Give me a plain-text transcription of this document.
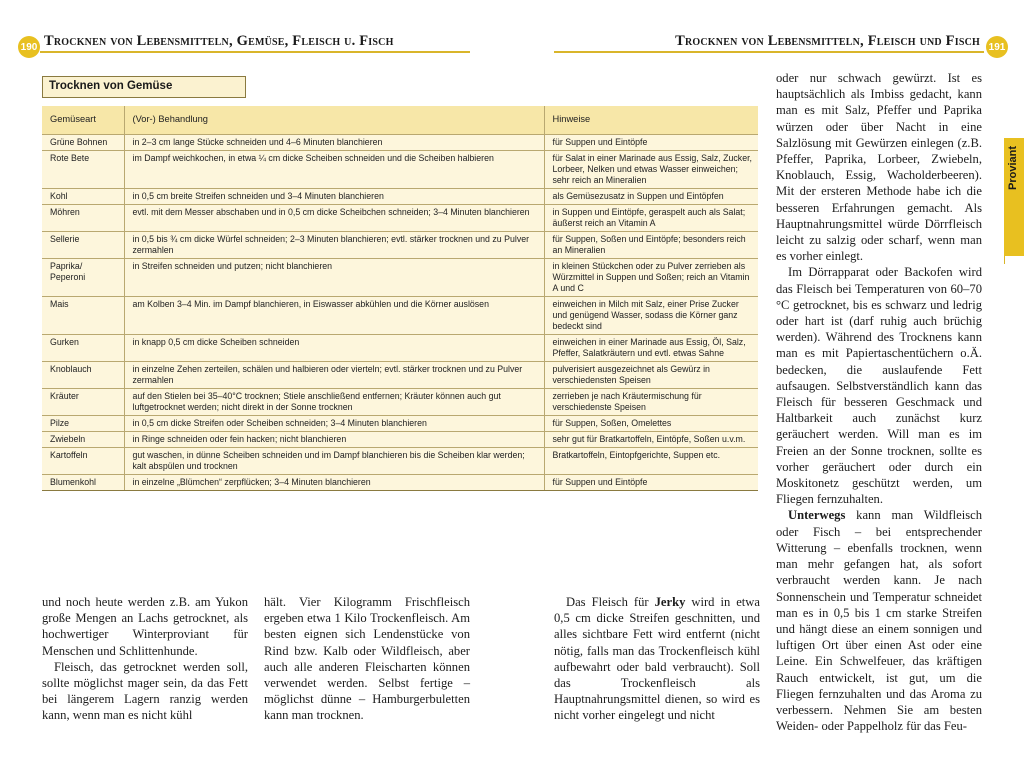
190 Trocknen von Lebensmitteln, Gemüse, Fleisch u. Fisch	Trocknen von Lebensmitteln, Fleisch und Fisch 191
Proviant
Trocknen von Gemüse
Gemüseart	(Vor-) Behandlung	Hinweise
Grüne Bohnen	in 2–3 cm lange Stücke schneiden und 4–6 Minuten blanchieren	für Suppen und Eintöpfe
Rote Bete	im Dampf weichkochen, in etwa ¼ cm dicke Scheiben schneiden und die Scheiben halbieren	für Salat in einer Marinade aus Essig, Salz, Zucker, Lorbeer, Nelken und etwas Wasser einweichen; sehr reich an Mineralien
Kohl	in 0,5 cm breite Streifen schneiden und 3–4 Minuten blanchieren	als Gemüsezusatz in Suppen und Eintöpfen
Möhren	evtl. mit dem Messer abschaben und in 0,5 cm dicke Scheibchen schneiden; 3–4 Minuten blanchieren	in Suppen und Eintöpfe, geraspelt auch als Salat; äußerst reich an Vitamin A
Sellerie	in 0,5 bis ¾ cm dicke Würfel schneiden; 2–3 Minuten blanchieren; evtl. stärker trocknen und zu Pulver zermahlen	für Suppen, Soßen und Eintöpfe; besonders reich an Mineralien
Paprika/ Peperoni	in Streifen schneiden und putzen; nicht blanchieren	in kleinen Stückchen oder zu Pulver zerrieben als Würzmittel in Suppen und Soßen; reich an Vitamin A und C
Mais	am Kolben 3–4 Min. im Dampf blanchieren, in Eiswasser abkühlen und die Körner auslösen	einweichen in Milch mit Salz, einer Prise Zucker und genügend Wasser, sodass die Körner ganz bedeckt sind
Gurken	in knapp 0,5 cm dicke Scheiben schneiden	einweichen in einer Marinade aus Essig, Öl, Salz, Pfeffer, Salatkräutern und evtl. etwas Sahne
Knoblauch	in einzelne Zehen zerteilen, schälen und halbieren oder vierteln; evtl. stärker trocknen und zu Pulver zermahlen	pulverisiert ausgezeichnet als Gewürz in verschiedensten Speisen
Kräuter	auf den Stielen bei 35–40°C trocknen; Stiele anschließend entfernen; Kräuter können auch gut luftgetrocknet werden; nicht direkt in der Sonne trocknen	zerrieben je nach Kräutermischung für verschiedenste Speisen
Pilze	in 0,5 cm dicke Streifen oder Scheiben schneiden; 3–4 Minuten blanchieren	für Suppen, Soßen, Omelettes
Zwiebeln	in Ringe schneiden oder fein hacken; nicht blanchieren	sehr gut für Bratkartoffeln, Eintöpfe, Soßen u.v.m.
Kartoffeln	gut waschen, in dünne Scheiben schneiden und im Dampf blanchieren bis die Scheiben klar werden; kalt abspülen und trocknen	Bratkartoffeln, Eintopfgerichte, Suppen etc.
Blumenkohl	in einzelne „Blümchen“ zerpflücken; 3–4 Minuten blanchieren	für Suppen und Eintöpfe

und noch heute werden z.B. am Yukon große Mengen an Lachs getrocknet, als hochwertiger Winterproviant für Menschen und Schlittenhunde.

Fleisch, das getrocknet werden soll, sollte möglichst mager sein, da das Fett bei längerem Lagern ranzig werden kann, wenn man es nicht kühl

hält. Vier Kilogramm Frischfleisch ergeben etwa 1 Kilo Trockenfleisch. Am besten eignen sich Lendenstücke von Rind bzw. Kalb oder Wildfleisch, aber auch alle anderen Fleischarten können verwendet werden. Selbst fertige – möglichst dünne – Hamburgerbuletten kann man trocknen.

Das Fleisch für Jerky wird in etwa 0,5 cm dicke Streifen geschnitten, und alles sichtbare Fett wird entfernt (nicht nötig, falls man das Trockenfleisch kühl aufbewahrt oder bald verbraucht). Soll das Trockenfleisch als Hauptnahrungsmittel dienen, so wird es nicht vorher eingelegt und nicht

oder nur schwach gewürzt. Ist es hauptsächlich als Imbiss gedacht, kann man es mit Salz, Pfeffer und Paprika würzen oder über Nacht in eine Salzlösung mit Gewürzen einlegen (z.B. Pfeffer, Paprika, Lorbeer, Zwiebeln, Knoblauch, Essig, Wacholderbeeren). Mit der ersteren Methode habe ich die besseren Erfahrungen gemacht. Als Hauptnahrungsmittel würde Dörrfleisch leicht zu salzig oder scharf, wenn man es vorher einlegt.

Im Dörrapparat oder Backofen wird das Fleisch bei Temperaturen von 60–70 °C getrocknet, bis es schwarz und ledrig oder hart ist (darf ruhig auch brüchig werden). Während des Trocknens kann man es mit Papiertaschentüchern o.Ä. bedecken, die auslaufende Fett aufsaugen. Selbstverständlich kann das Fleisch für besseren Geschmack und Haltbarkeit auch zunächst kurz geräuchert werden. Will man es im Freien an der Sonne trocknen, sollte es vorher geräuchert oder durch ein Moskitonetz geschützt werden, um Fliegen fernzuhalten.

Unterwegs kann man Wildfleisch oder Fisch – bei entsprechender Witterung – ebenfalls trocknen, wenn man mehr gefangen hat, als sofort verbraucht werden kann. Je nach Sonnenschein und Temperatur schneidet man es in 0,5 bis 1 cm starke Streifen und hängt diese an einem sonnigen und luftigen Ort über einen Ast oder eine Leine. Ein Schwelfeuer, das kräftigen Rauch entwickelt, ist gut, um die Fliegen fernzuhalten und das Aroma zu verbessern. Nehmen Sie am besten Weiden- oder Pappelholz für das Feu-
